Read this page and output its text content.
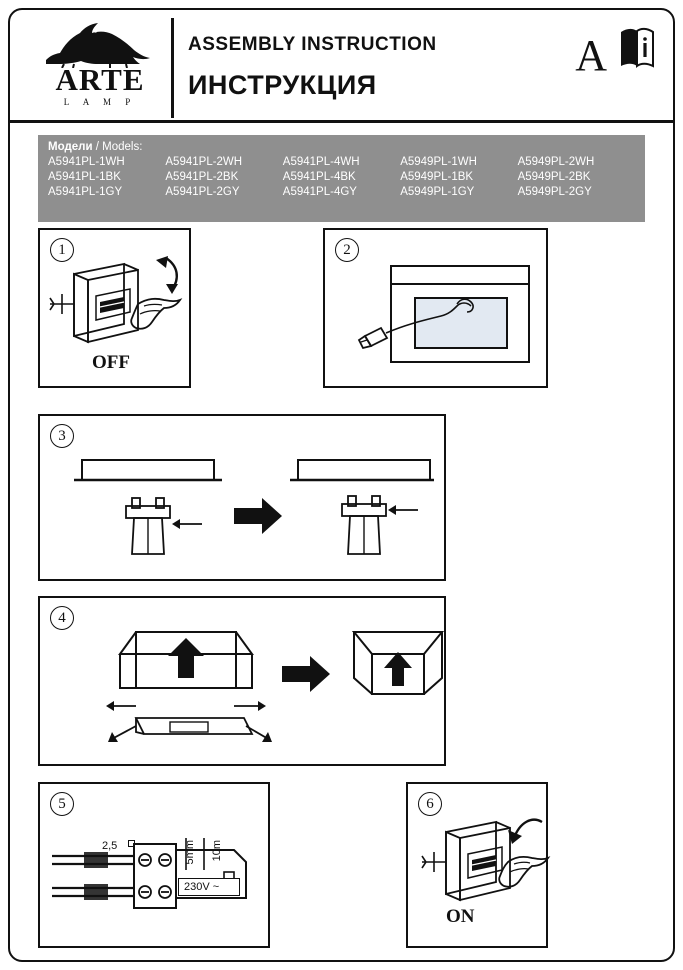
ARTE
L A M P
ASSEMBLY INSTRUCTION
ИНСТРУКЦИЯ
A
Модели / Models:
A5941PL-1WH	A5941PL-2WH	A5941PL-4WH	A5949PL-1WH	A5949PL-2WH
A5941PL-1BK	A5941PL-2BK	A5941PL-4BK	A5949PL-1BK	A5949PL-2BK
A5941PL-1GY	A5941PL-2GY	A5941PL-4GY	A5949PL-1GY	A5949PL-2GY
1
OFF
2
3
4
5
2,5	5mm 10m
230V ~
6
ON
